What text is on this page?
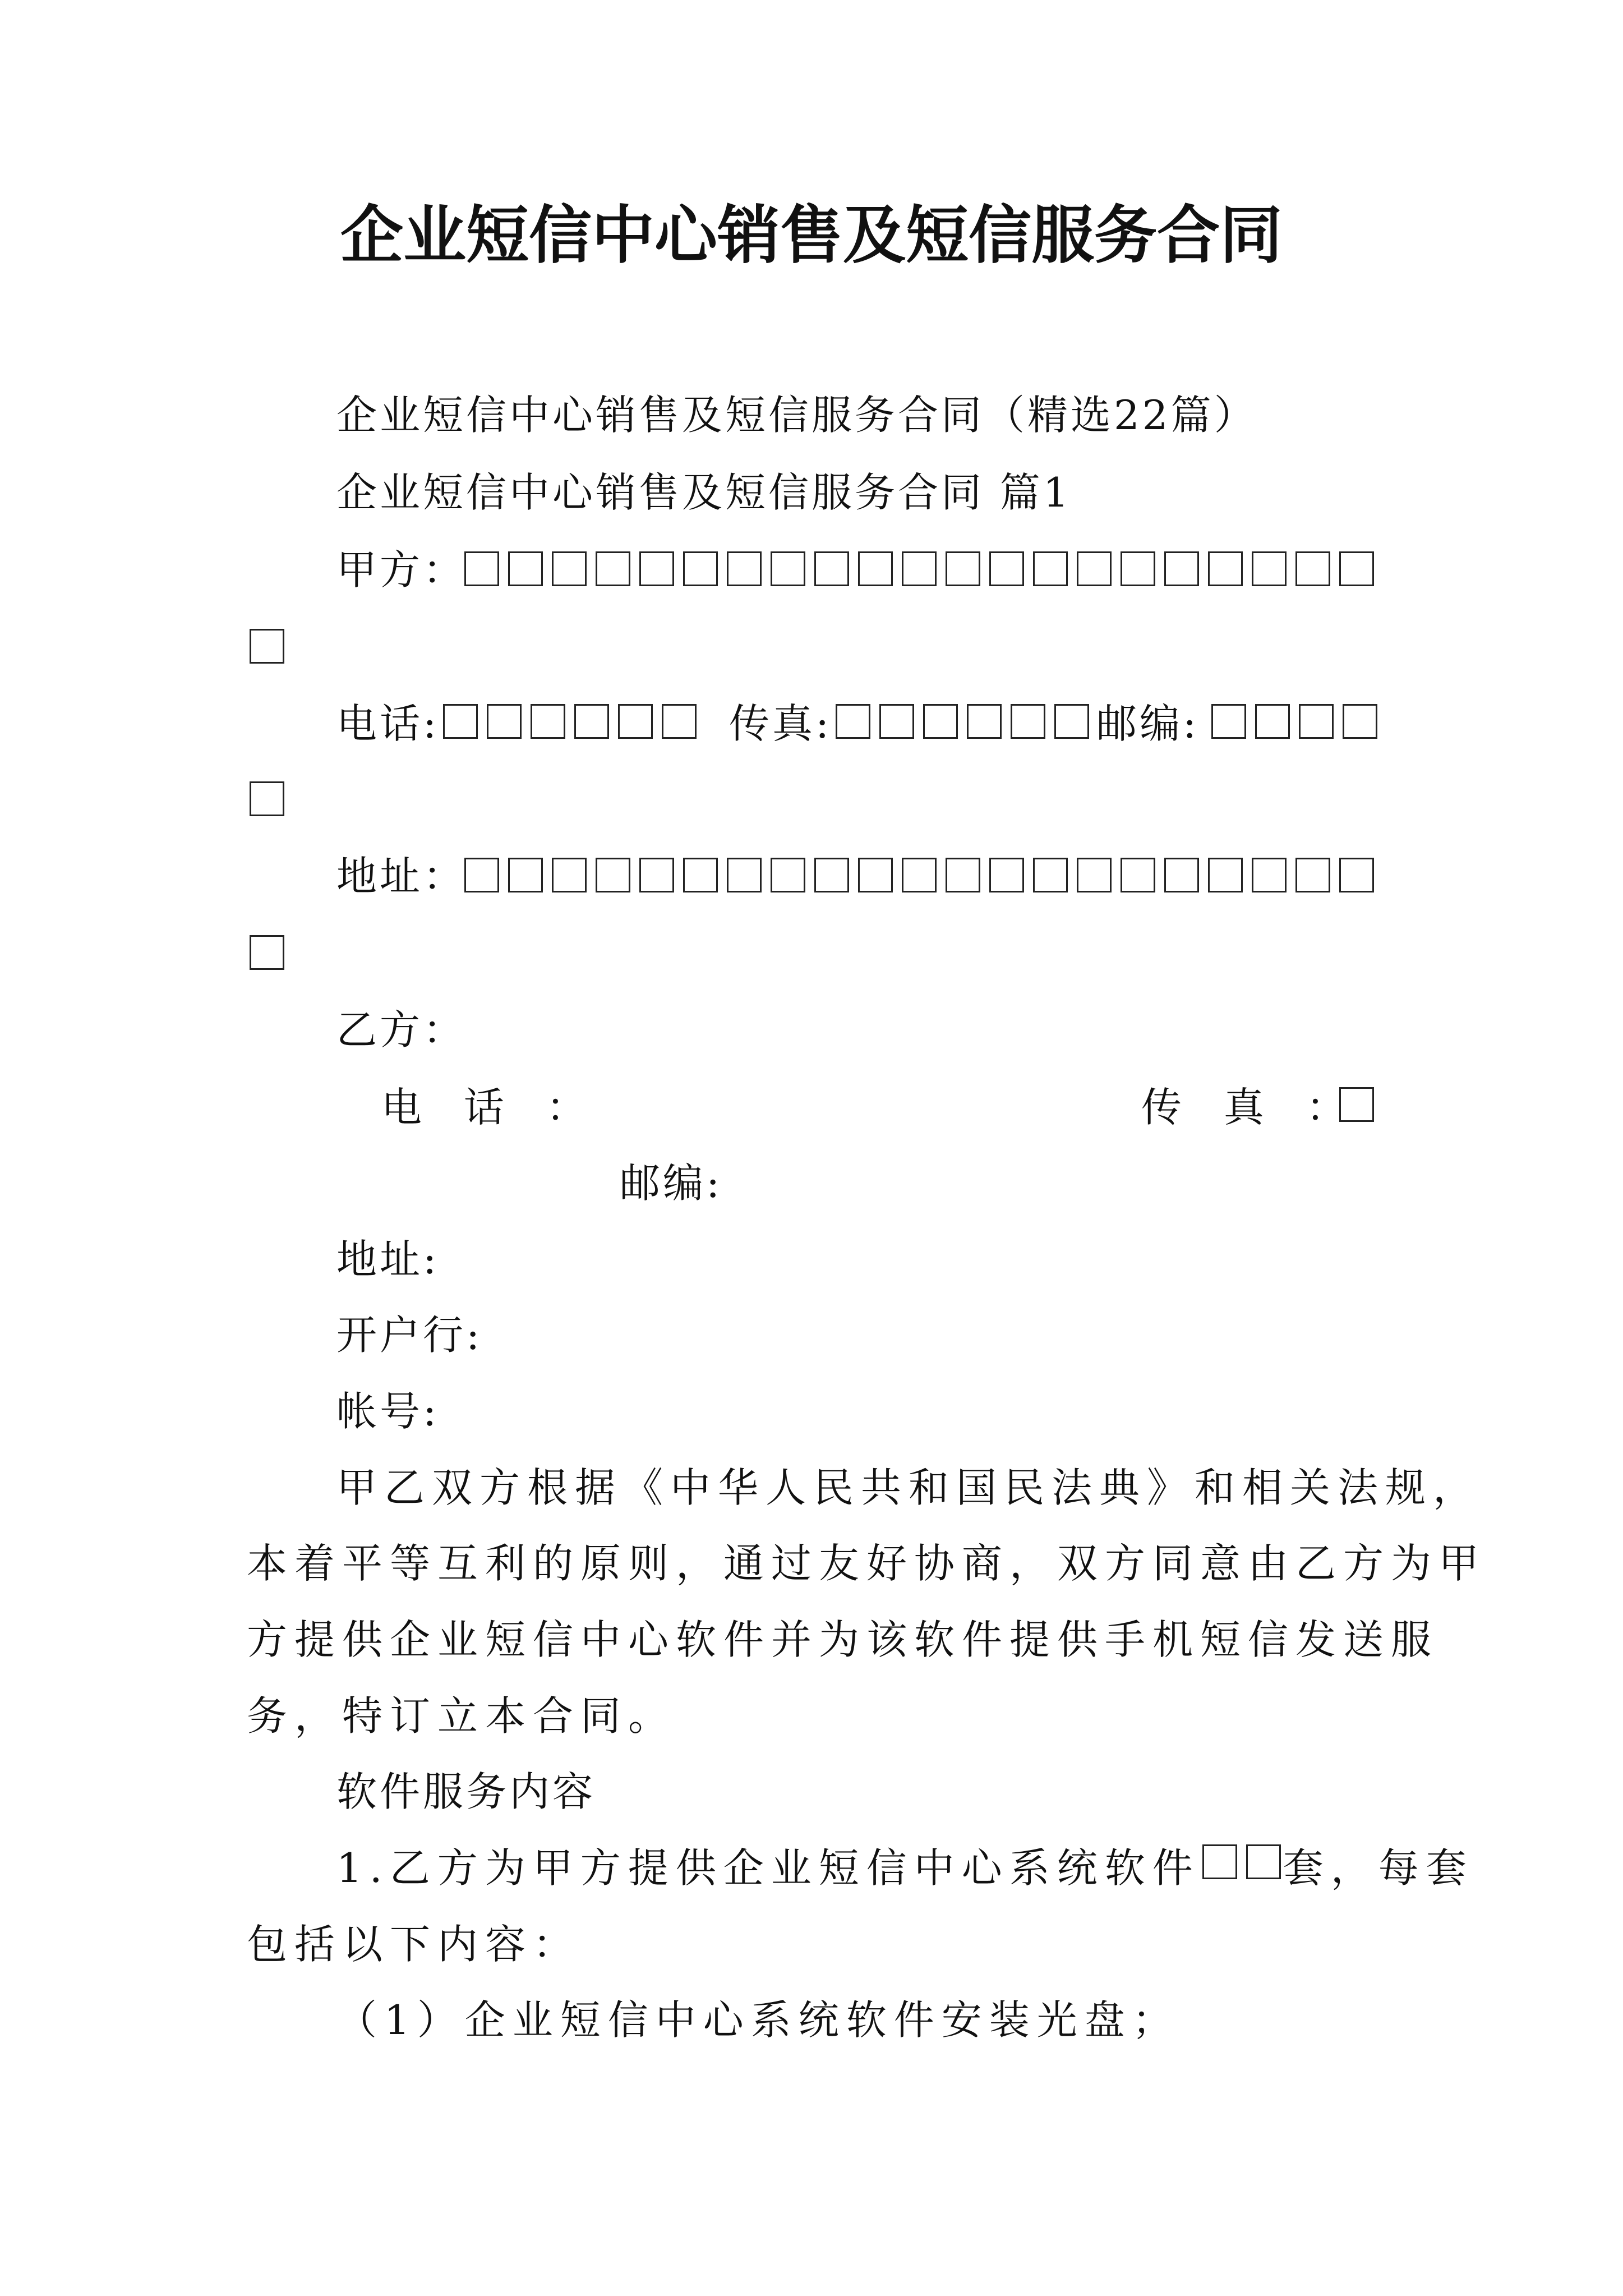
企业短信中心销售及短信服务合同
企业短信中心销售及短信服务合同（精选22篇）
企业短信中心销售及短信服务合同 篇1
甲方：
电话:	传真:	邮编:
地址：
乙方：
电 话 ：	传 真 ：
邮编:
地址:
开户行:
帐号:
甲乙双方根据《中华人民共和国民法典》和相关法规，
本着平等互利的原则，通过友好协商，双方同意由乙方为甲
方提供企业短信中心软件并为该软件提供手机短信发送服
务，特订立本合同。
软件服务内容
1.乙方为甲方提供企业短信中心系统软件 套，每套
包括以下内容：
（1）企业短信中心系统软件安装光盘；
